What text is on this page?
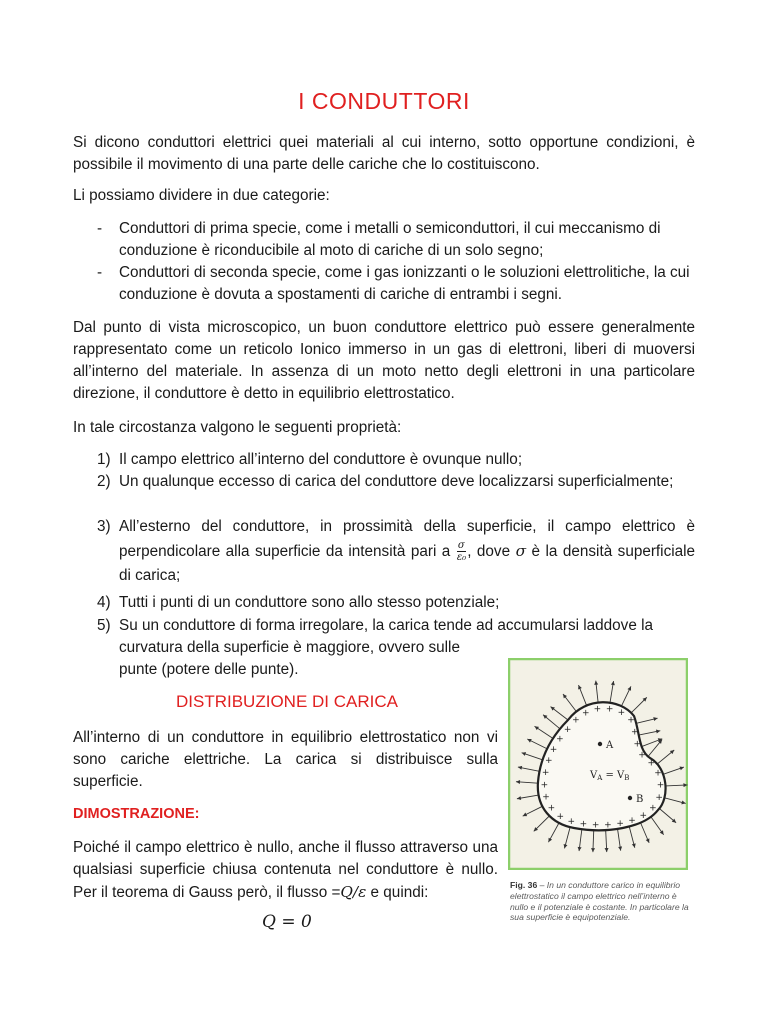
I CONDUTTORI
Si dicono conduttori elettrici quei materiali al cui interno, sotto opportune condizioni, è possibile il movimento di una parte delle cariche che lo costituiscono.
Li possiamo dividere in due categorie:
- Conduttori di prima specie, come i metalli o semiconduttori, il cui meccanismo di conduzione è riconducibile al moto di cariche di un solo segno;
- Conduttori di seconda specie, come i gas ionizzanti o le soluzioni elettrolitiche, la cui conduzione è dovuta a spostamenti di cariche di entrambi i segni.
Dal punto di vista microscopico, un buon conduttore elettrico può essere generalmente rappresentato come un reticolo Ionico immerso in un gas di elettroni, liberi di muoversi all’interno del materiale. In assenza di un moto netto degli elettroni in una particolare direzione, il conduttore è detto in equilibrio elettrostatico.
In tale circostanza valgono le seguenti proprietà:
1) Il campo elettrico all’interno del conduttore è ovunque nullo;
2) Un qualunque eccesso di carica del conduttore deve localizzarsi superficialmente;
3) All’esterno del conduttore, in prossimità della superficie, il campo elettrico è perpendicolare alla superficie da intensità pari a $\frac{\sigma}{\text{ε₀}}$ , dove σ è la densità superficiale di carica;
4) Tutti i punti di un conduttore sono allo stesso potenziale;
5) Su un conduttore di forma irregolare, la carica tende ad accumularsi laddove la curvatura della superficie è maggiore, ovvero sulle
punte (potere delle punte).
DISTRIBUZIONE DI CARICA
All’interno di un conduttore in equilibrio elettrostatico non vi sono cariche elettriche. La carica si distribuisce sulla superficie.
DIMOSTRAZIONE:
Poiché il campo elettrico è nullo, anche il flusso attraverso una qualsiasi superficie chiusa contenuta nel conduttore è nullo. Per il teorema di Gauss però, il flusso =Q/ε e quindi:
Q = 0
+
+ + + +
+
+
+
+
+
+
+
+
+
+
+
+
+
+
+
+
+
+
+
+
+
+
+
+
+
A
B
$V_A = V_B$
Fig. 36 – In un conduttore carico in equilibrio elettrostatico il campo elettrico nell’interno è nullo e il potenziale è costante. In particolare la sua superficie è equipotenziale.
